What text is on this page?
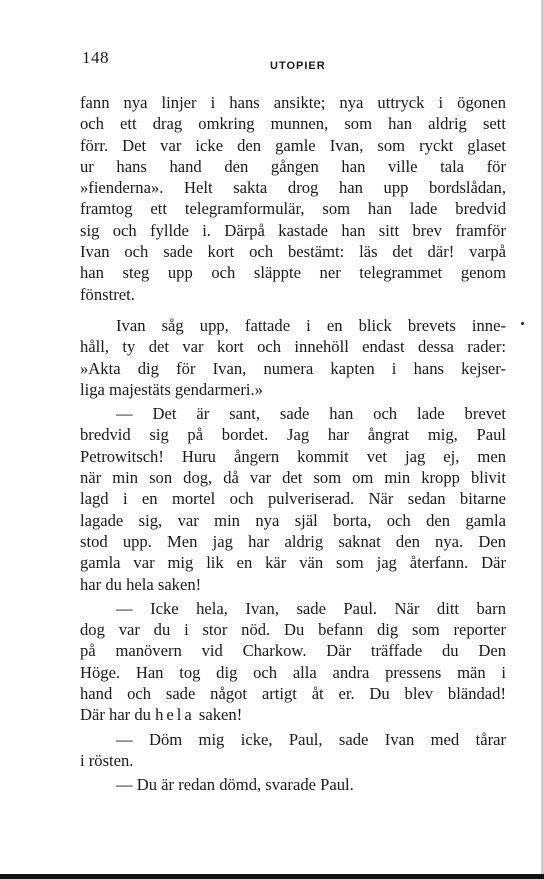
148	UTOPIER

fann nya linjer i hans ansikte; nya uttryck i ögonen

och ett drag omkring munnen, som han aldrig sett

förr. Det var icke den gamle Ivan, som ryckt glaset

ur hans hand den gången han ville tala för

»fienderna». Helt sakta drog han upp bordslådan,

framtog ett telegramformulär, som han lade bredvid

sig och fyllde i. Därpå kastade han sitt brev framför

Ivan och sade kort och bestämt: läs det där! varpå

han steg upp och släppte ner telegrammet genom

fönstret.

Ivan såg upp, fattade i en blick brevets inne-

håll, ty det var kort och innehöll endast dessa rader:

»Akta dig för Ivan, numera kapten i hans kejser-

liga majestäts gendarmeri.»

— Det är sant, sade han och lade brevet

bredvid sig på bordet. Jag har ångrat mig, Paul

Petrowitsch! Huru ångern kommit vet jag ej, men

när min son dog, då var det som om min kropp blivit

lagd i en mortel och pulveriserad. När sedan bitarne

lagade sig, var min nya själ borta, och den gamla

stod upp. Men jag har aldrig saknat den nya. Den

gamla var mig lik en kär vän som jag återfann. Där

har du hela saken!

— Icke hela, Ivan, sade Paul. När ditt barn

dog var du i stor nöd. Du befann dig som reporter

på manövern vid Charkow. Där träffade du Den

Höge. Han tog dig och alla andra pressens män i

hand och sade något artigt åt er. Du blev bländad!

Där har du hela saken!

— Döm mig icke, Paul, sade Ivan med tårar

i rösten.

— Du är redan dömd, svarade Paul.
